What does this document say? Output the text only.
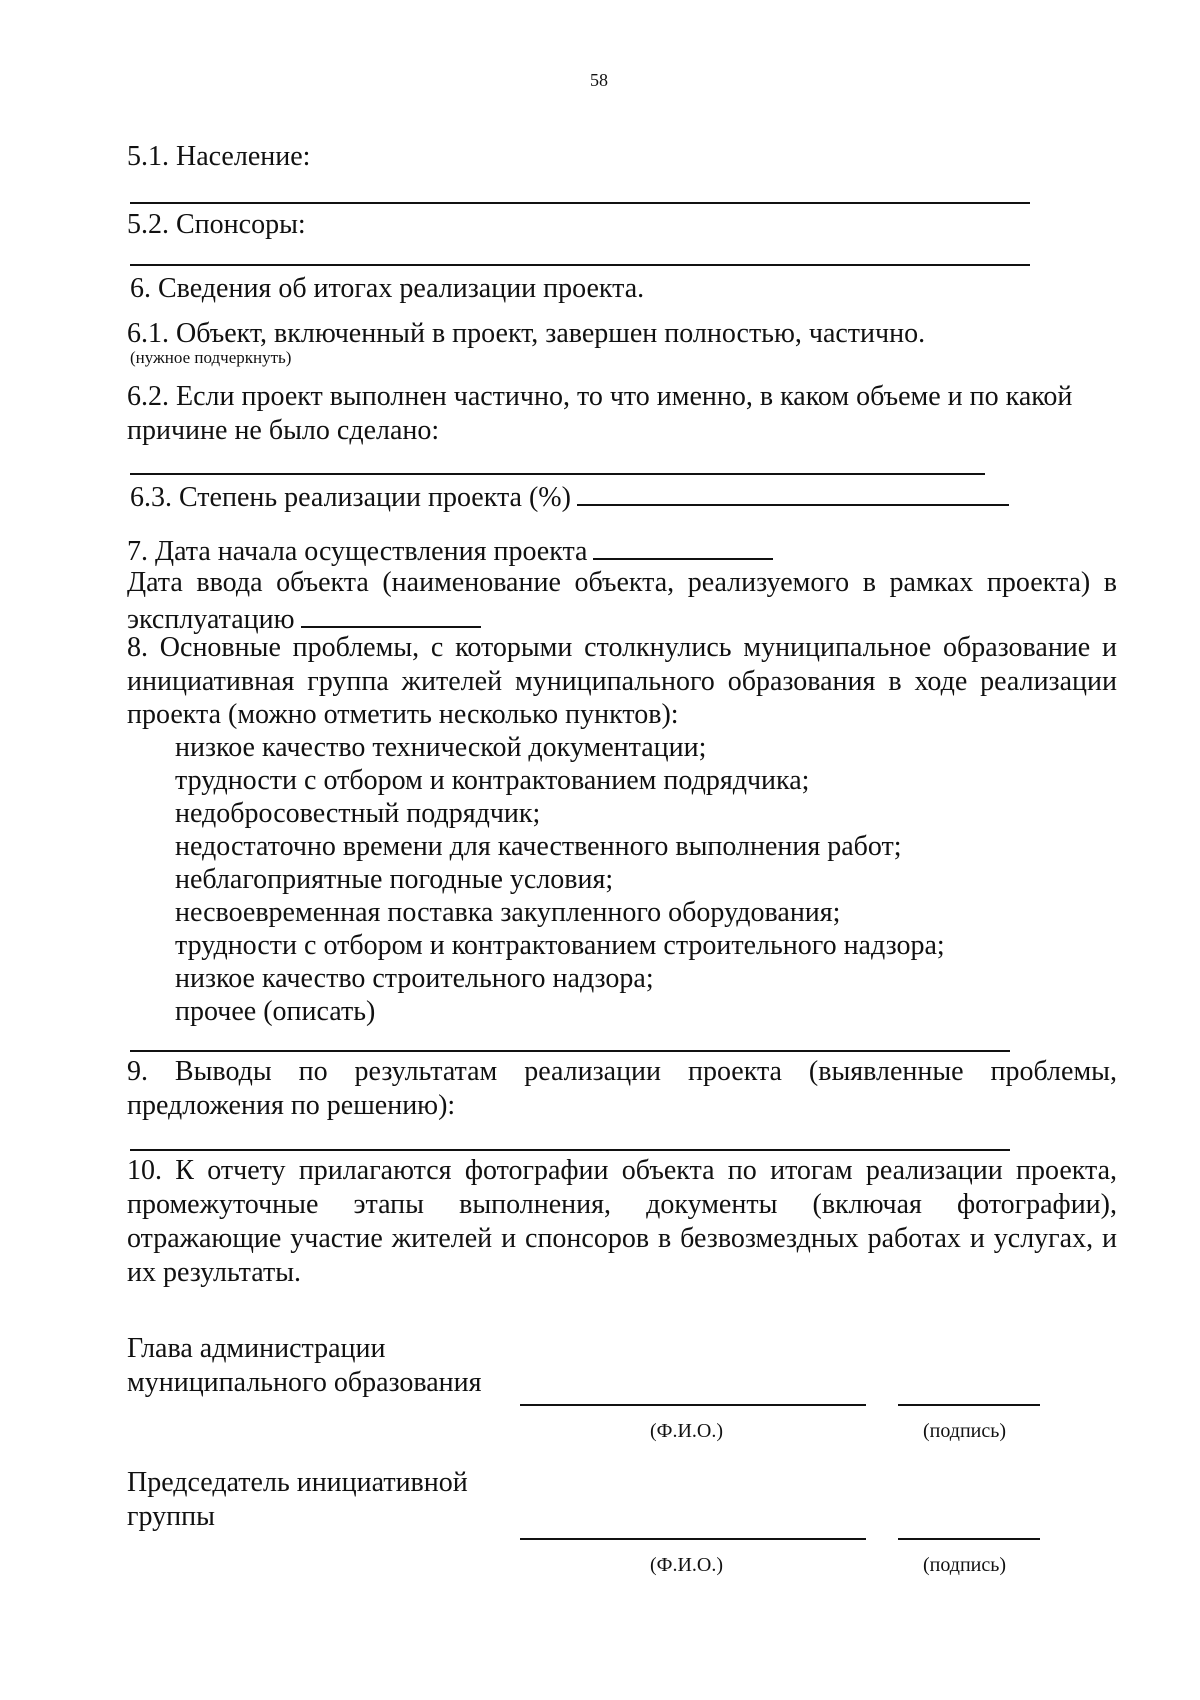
58
5.1. Население:
5.2. Спонсоры:
6. Сведения об итогах реализации проекта.
6.1. Объект, включенный в проект, завершен полностью, частично.
(нужное подчеркнуть)
6.2. Если проект выполнен частично, то что именно, в каком объеме и по какой
причине не было сделано:
6.3. Степень реализации проекта (%)
7. Дата начала осуществления проекта
Дата ввода объекта (наименование объекта, реализуемого в рамках проекта) в
эксплуатацию
8. Основные проблемы, с которыми столкнулись муниципальное образование и
инициативная группа жителей муниципального образования в ходе реализации
проекта (можно отметить несколько пунктов):
низкое качество технической документации;
трудности с отбором и контрактованием подрядчика;
недобросовестный подрядчик;
недостаточно времени для качественного выполнения работ;
неблагоприятные погодные условия;
несвоевременная поставка закупленного оборудования;
трудности с отбором и контрактованием строительного надзора;
низкое качество строительного надзора;
прочее (описать)
9. Выводы по результатам реализации проекта (выявленные проблемы,
предложения по решению):
10. К отчету прилагаются фотографии объекта по итогам реализации проекта,
промежуточные этапы выполнения, документы (включая фотографии),
отражающие участие жителей и спонсоров в безвозмездных работах и услугах, и
их результаты.
Глава администрации
муниципального образования
(Ф.И.О.)	(подпись)
Председатель инициативной
группы
(Ф.И.О.)	(подпись)
